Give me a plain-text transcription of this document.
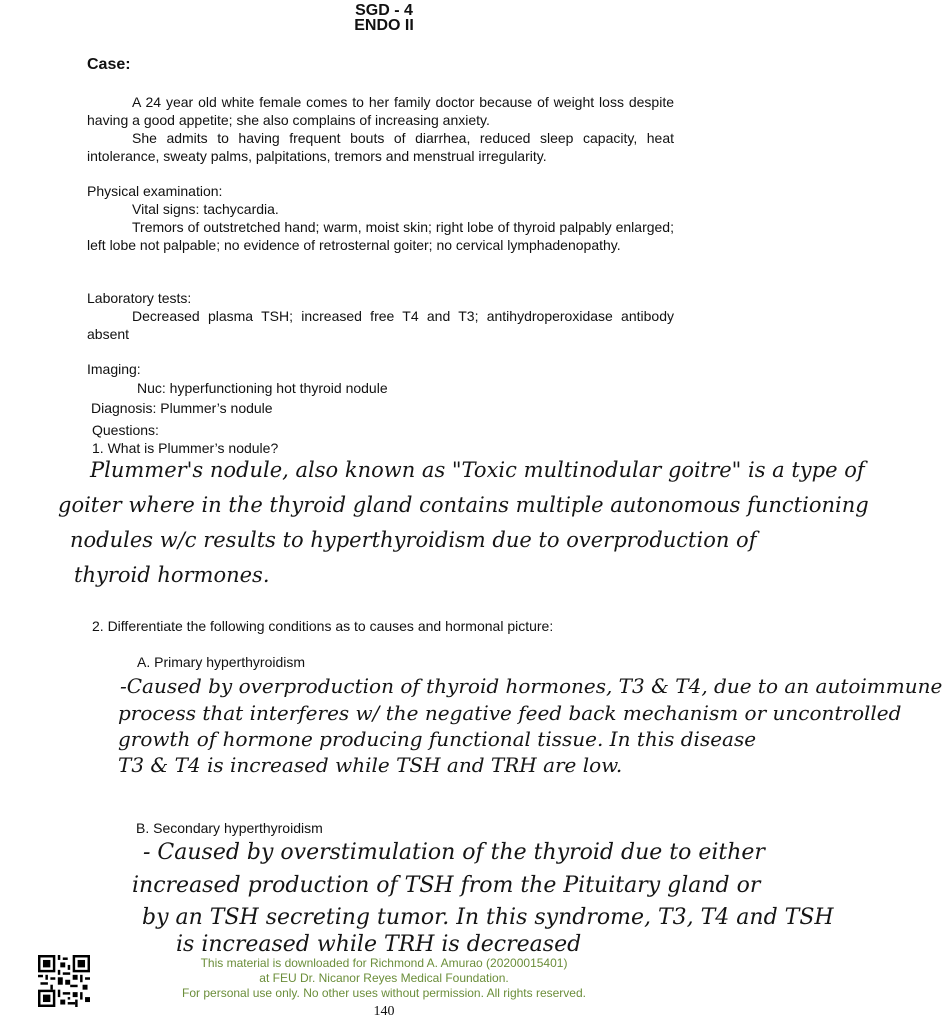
SGD - 4
ENDO II
Case:
A 24 year old white female comes to her family doctor because of weight loss despite having a good appetite; she also complains of increasing anxiety.
She admits to having frequent bouts of diarrhea, reduced sleep capacity, heat intolerance, sweaty palms, palpitations, tremors and menstrual irregularity.
Physical examination:
Vital signs: tachycardia.
Tremors of outstretched hand; warm, moist skin; right lobe of thyroid palpably enlarged; left lobe not palpable; no evidence of retrosternal goiter; no cervical lymphadenopathy.
Laboratory tests:
Decreased plasma TSH; increased free T4 and T3; antihydroperoxidase antibody absent
Imaging:
Nuc: hyperfunctioning hot thyroid nodule
Diagnosis: Plummer’s nodule
Questions:
1. What is Plummer’s nodule?
Plummer's nodule, also known as "Toxic multinodular goitre" is a type of
goiter where in the thyroid gland contains multiple autonomous functioning
nodules w/c results to hyperthyroidism due to overproduction of
thyroid hormones.
2. Differentiate the following conditions as to causes and hormonal picture:
A. Primary hyperthyroidism
-Caused by overproduction of thyroid hormones, T3 & T4, due to an autoimmune
process that interferes w/ the negative feed back mechanism or uncontrolled
growth of hormone producing functional tissue. In this disease
T3 & T4 is increased while TSH and TRH are low.
B. Secondary hyperthyroidism
- Caused by overstimulation of the thyroid due to either
increased production of TSH from the Pituitary gland or
by an TSH secreting tumor. In this syndrome, T3, T4 and TSH
is increased while TRH is decreased
This material is downloaded for Richmond A. Amurao (20200015401)
at FEU Dr. Nicanor Reyes Medical Foundation.
For personal use only. No other uses without permission. All rights reserved.
140
